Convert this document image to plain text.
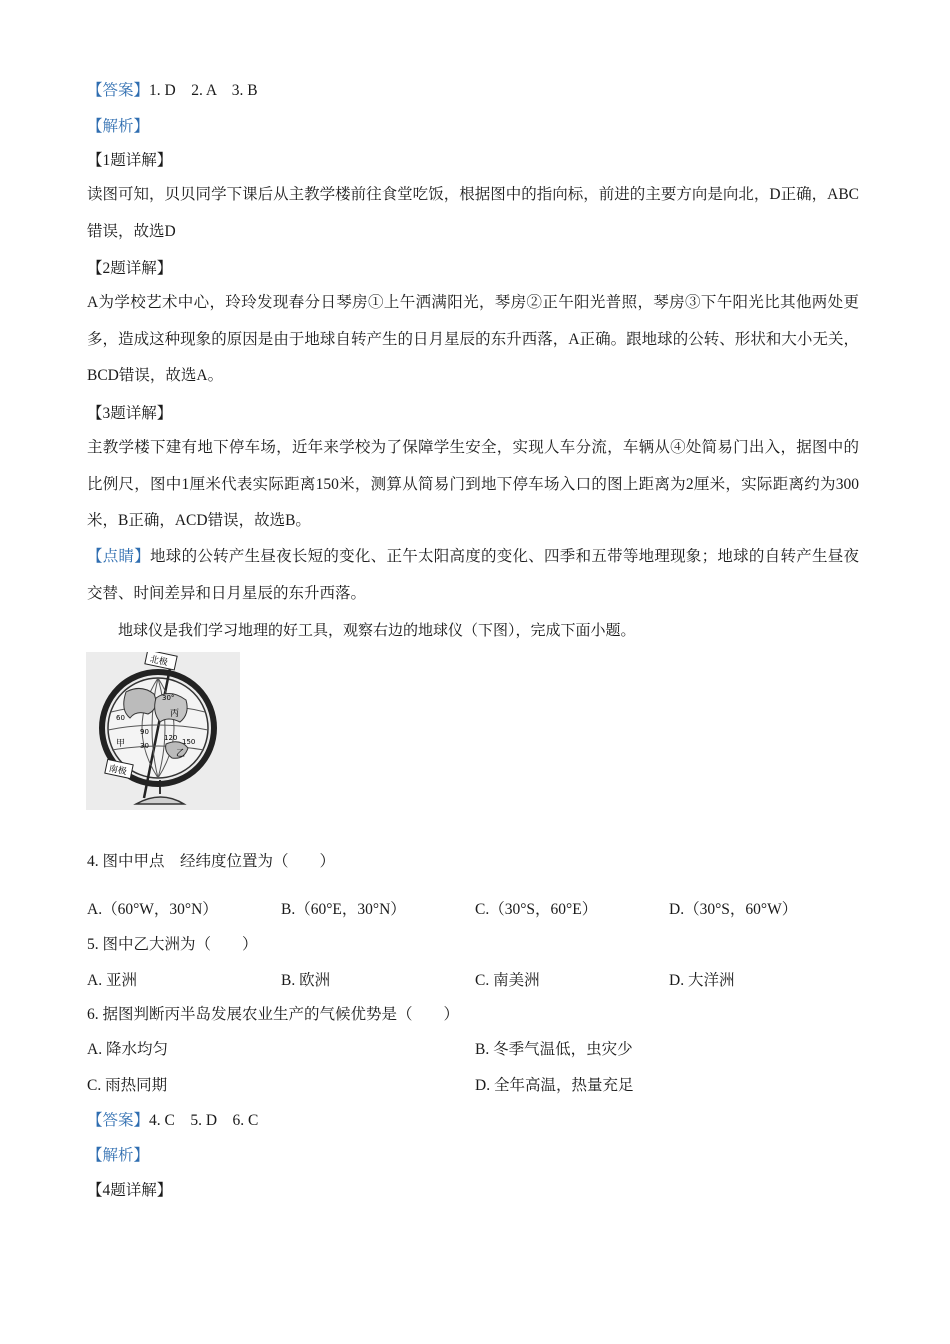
【答案】1. D　2. A　3. B
【解析】
【1题详解】
读图可知，贝贝同学下课后从主教学楼前往食堂吃饭，根据图中的指向标，前进的主要方向是向北，D正确，ABC错误，故选D
【2题详解】
A为学校艺术中心，玲玲发现春分日琴房①上午洒满阳光，琴房②正午阳光普照，琴房③下午阳光比其他两处更多，造成这种现象的原因是由于地球自转产生的日月星辰的东升西落，A正确。跟地球的公转、形状和大小无关，BCD错误，故选A。
【3题详解】
主教学楼下建有地下停车场，近年来学校为了保障学生安全，实现人车分流，车辆从④处简易门出入，据图中的比例尺，图中1厘米代表实际距离150米，测算从简易门到地下停车场入口的图上距离为2厘米，实际距离约为300米，B正确，ACD错误，故选B。
【点睛】地球的公转产生昼夜长短的变化、正午太阳高度的变化、四季和五带等地理现象；地球的自转产生昼夜交替、时间差异和日月星辰的东升西落。
地球仪是我们学习地理的好工具，观察右边的地球仪（下图），完成下面小题。
北极
南极
甲
乙
丙
30°
60
90
120 150
30
4. 图中甲点　经纬度位置为（　　）
A.（60°W，30°N）	B.（60°E，30°N）	C.（30°S，60°E）	D.（30°S，60°W）
5. 图中乙大洲为（　　）
A. 亚洲	B. 欧洲	C. 南美洲	D. 大洋洲
6. 据图判断丙半岛发展农业生产的气候优势是（　　）
A. 降水均匀	B. 冬季气温低，虫灾少
C. 雨热同期	D. 全年高温，热量充足
【答案】4. C　5. D　6. C
【解析】
【4题详解】
